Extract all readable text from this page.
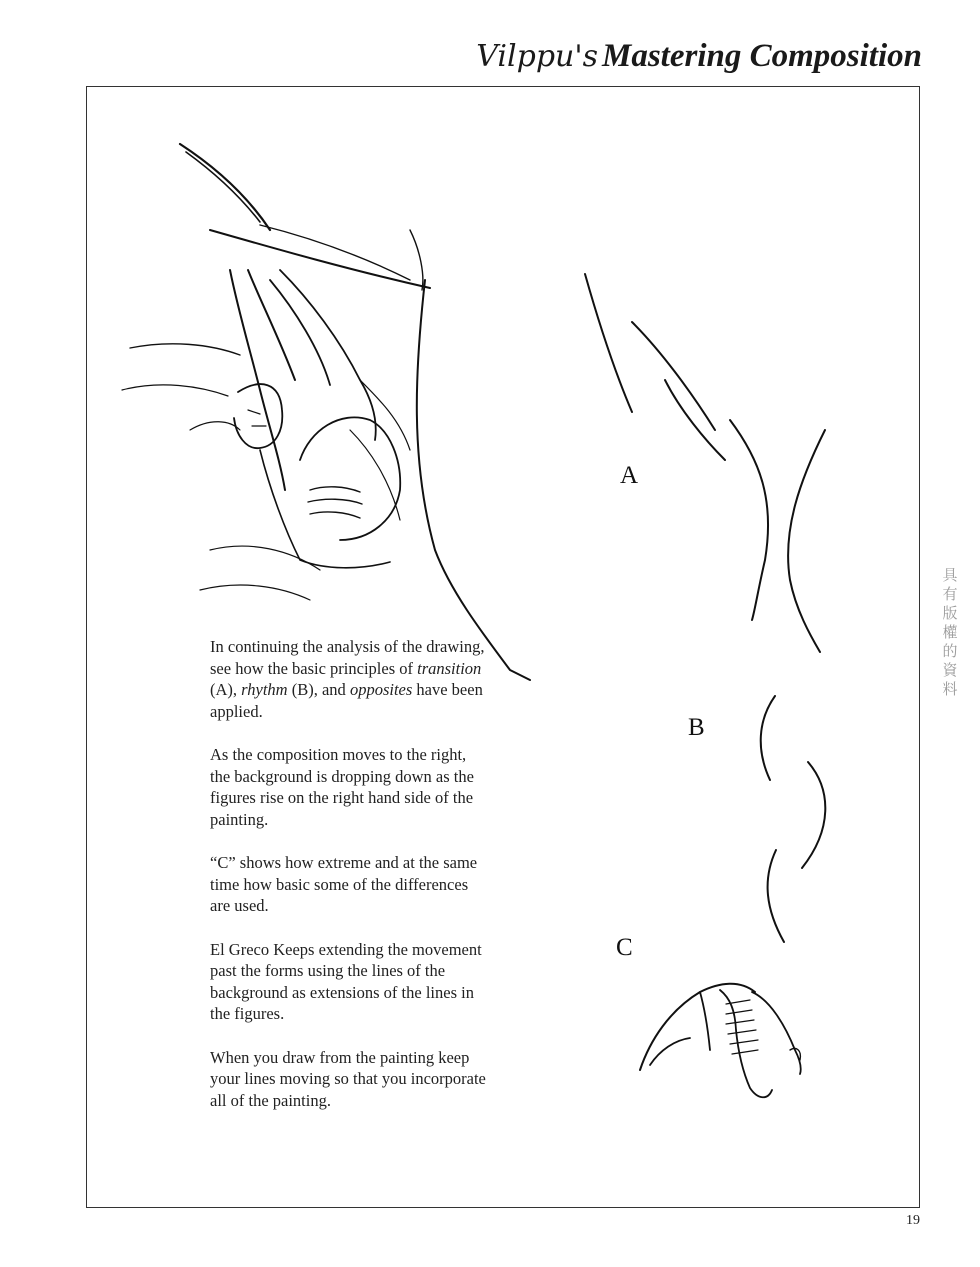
Vilppu's Mastering Composition
A
B
C

In continuing the analysis of the drawing, see how the basic principles of transition (A), rhythm (B), and opposites have been applied.

As the composition moves to the right, the background is dropping down as the figures rise on the right hand side of the painting.

“C” shows how extreme and at the same time how basic some of the differences are used.

El Greco Keeps extending the movement past the forms using the lines of the background as extensions of the lines in the figures.

When you draw from the painting keep your lines moving so that you incorporate all of the painting.

具有版權的資料
19
